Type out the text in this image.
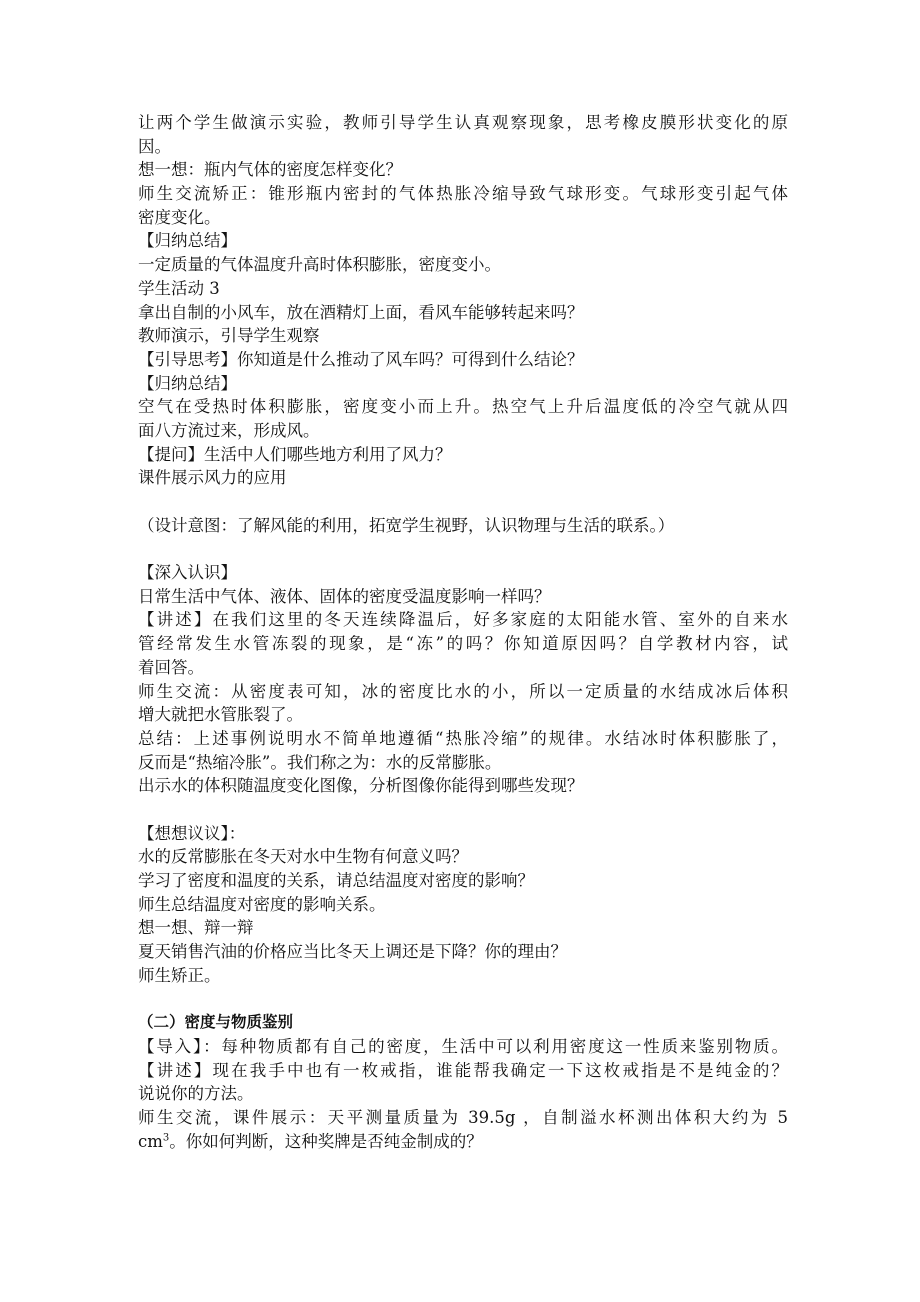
让两个学生做演示实验，教师引导学生认真观察现象，思考橡皮膜形状变化的原

因。

想一想：瓶内气体的密度怎样变化？

师生交流矫正：锥形瓶内密封的气体热胀冷缩导致气球形变。气球形变引起气体

密度变化。

【归纳总结】

一定质量的气体温度升高时体积膨胀，密度变小。

学生活动 3

拿出自制的小风车，放在酒精灯上面，看风车能够转起来吗？

教师演示，引导学生观察

【引导思考】你知道是什么推动了风车吗？可得到什么结论？

【归纳总结】

空气在受热时体积膨胀，密度变小而上升。热空气上升后温度低的冷空气就从四

面八方流过来，形成风。

【提问】生活中人们哪些地方利用了风力？

课件展示风力的应用

（设计意图：了解风能的利用，拓宽学生视野，认识物理与生活的联系。）

【深入认识】

日常生活中气体、液体、固体的密度受温度影响一样吗？

【讲述】在我们这里的冬天连续降温后，好多家庭的太阳能水管、室外的自来水

管经常发生水管冻裂的现象，是“冻”的吗？你知道原因吗？自学教材内容，试

着回答。

师生交流：从密度表可知，冰的密度比水的小，所以一定质量的水结成冰后体积

增大就把水管胀裂了。

总结：上述事例说明水不简单地遵循“热胀冷缩”的规律。水结冰时体积膨胀了，

反而是“热缩冷胀”。我们称之为：水的反常膨胀。

出示水的体积随温度变化图像，分析图像你能得到哪些发现？

【想想议议】：

水的反常膨胀在冬天对水中生物有何意义吗？

学习了密度和温度的关系，请总结温度对密度的影响？

师生总结温度对密度的影响关系。

想一想、辩一辩

夏天销售汽油的价格应当比冬天上调还是下降？你的理由？

师生矫正。

（二）密度与物质鉴别

【导入】：每种物质都有自己的密度，生活中可以利用密度这一性质来鉴别物质。

【讲述】现在我手中也有一枚戒指，谁能帮我确定一下这枚戒指是不是纯金的？

说说你的方法。

师生交流，课件展示：天平测量质量为 39.5g ，自制溢水杯测出体积大约为 5

$cm^3$。你如何判断，这种奖牌是否纯金制成的？
